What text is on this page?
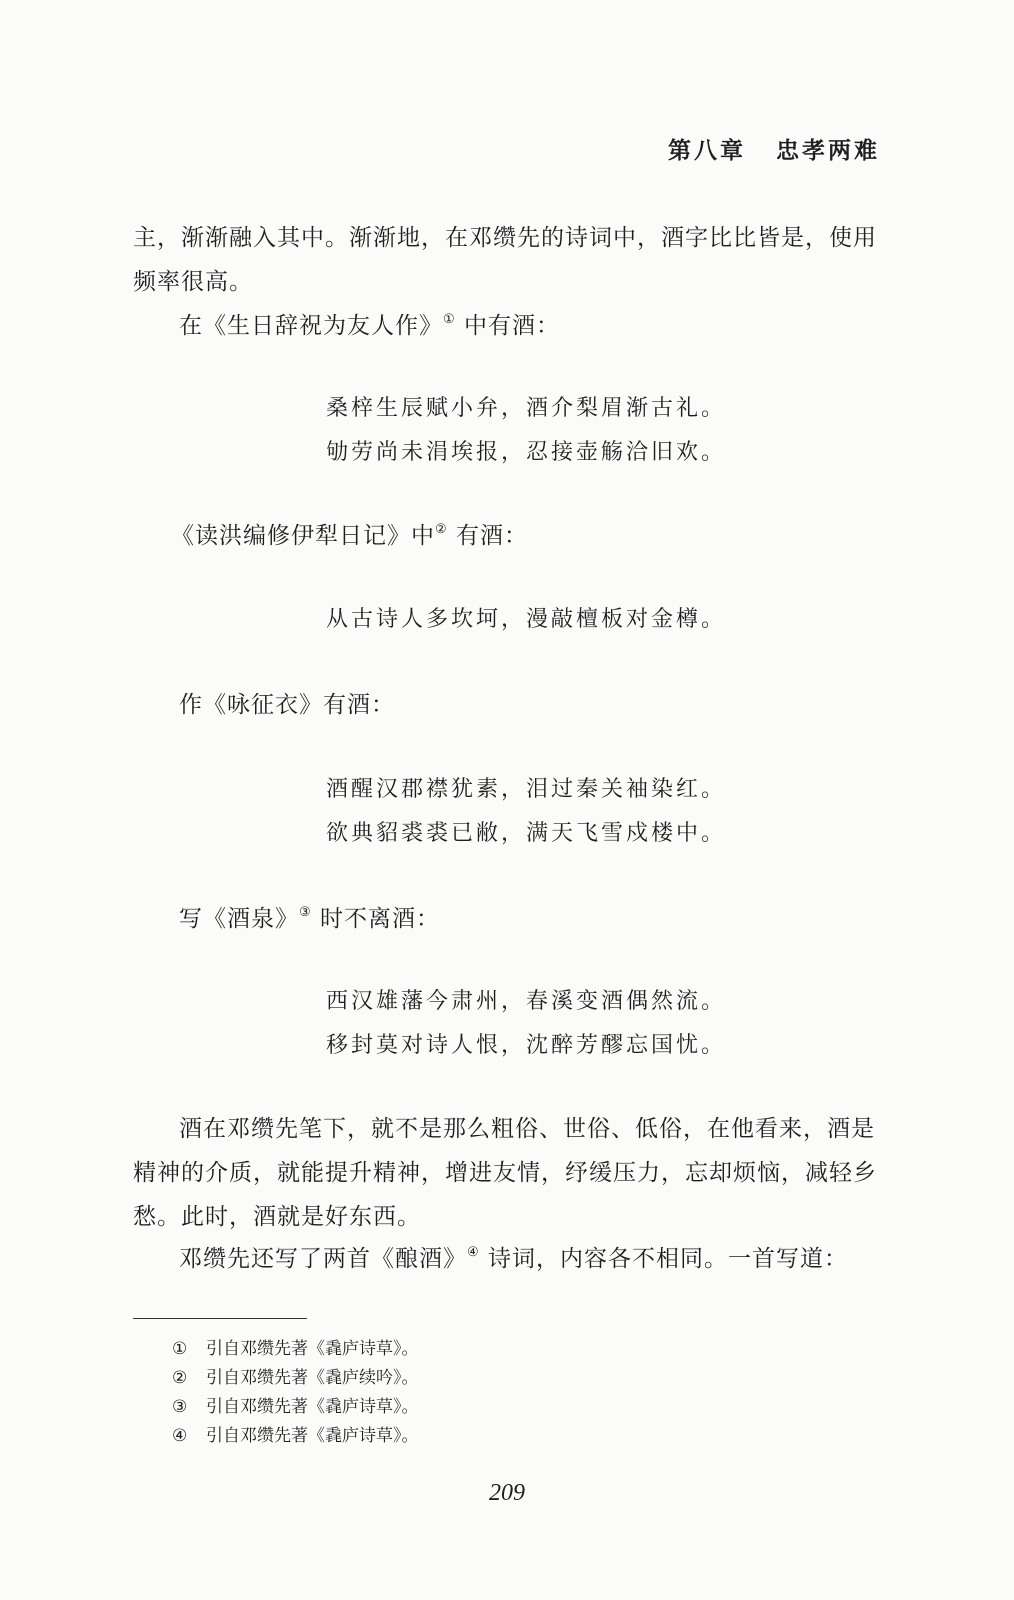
第八章 忠孝两难
主，渐渐融入其中。渐渐地，在邓缵先的诗词中，酒字比比皆是，使用
频率很高。
在《生日辞祝为友人作》① 中有酒：
桑梓生辰赋小弁，酒介梨眉渐古礼。
劬劳尚未涓埃报，忍接壶觞洽旧欢。
《读洪编修伊犁日记》中② 有酒：
从古诗人多坎坷，漫敲檀板对金樽。
作《咏征衣》有酒：
酒醒汉郡襟犹素，泪过秦关袖染红。
欲典貂裘裘已敝，满天飞雪戍楼中。
写《酒泉》③ 时不离酒：
西汉雄藩今肃州，春溪变酒偶然流。
移封莫对诗人恨，沈醉芳醪忘国忧。
酒在邓缵先笔下，就不是那么粗俗、世俗、低俗，在他看来，酒是
精神的介质，就能提升精神，增进友情，纾缓压力，忘却烦恼，减轻乡
愁。此时，酒就是好东西。
邓缵先还写了两首《酿酒》④ 诗词，内容各不相同。一首写道：
① 引自邓缵先著《毳庐诗草》。
② 引自邓缵先著《毳庐续吟》。
③ 引自邓缵先著《毳庐诗草》。
④ 引自邓缵先著《毳庐诗草》。
209
